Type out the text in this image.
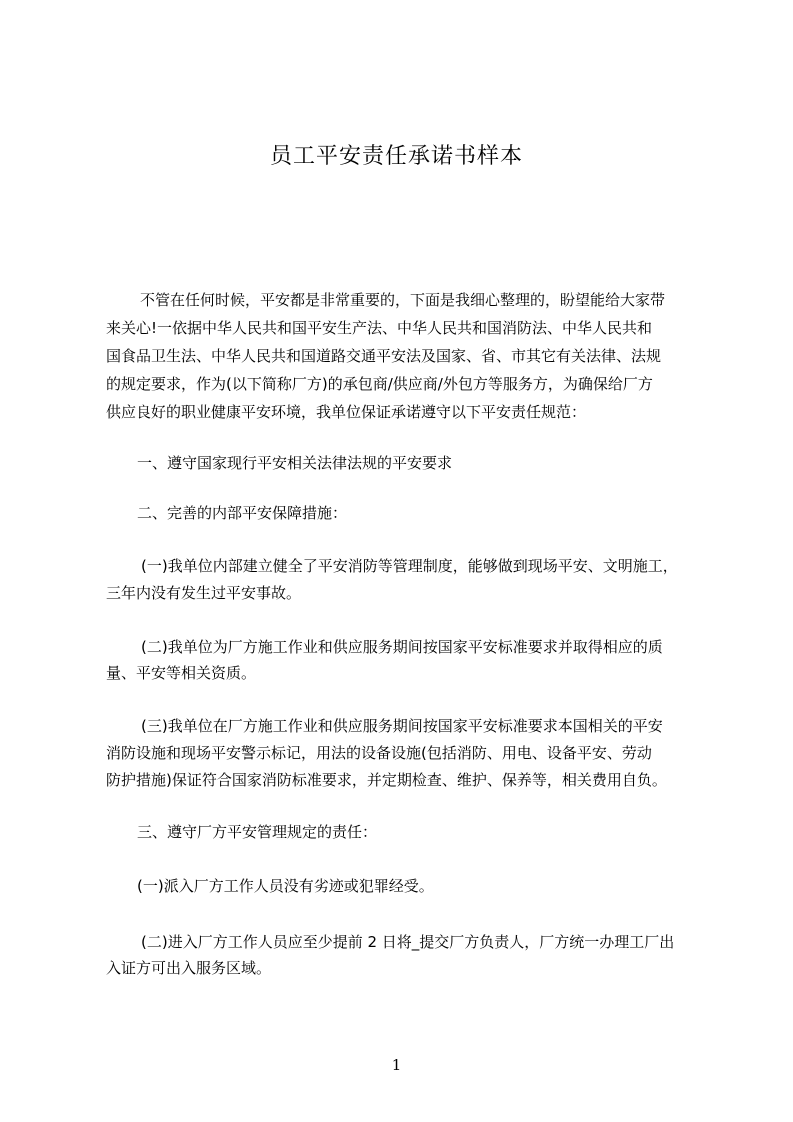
员工平安责任承诺书样本
不管在任何时候，平安都是非常重要的，下面是我细心整理的，盼望能给大家带
来关心!一依据中华人民共和国平安生产法、中华人民共和国消防法、中华人民共和
国食品卫生法、中华人民共和国道路交通平安法及国家、省、市其它有关法律、法规
的规定要求，作为(以下简称厂方)的承包商/供应商/外包方等服务方，为确保给厂方
供应良好的职业健康平安环境，我单位保证承诺遵守以下平安责任规范：
一、遵守国家现行平安相关法律法规的平安要求
二、完善的内部平安保障措施：
(一)我单位内部建立健全了平安消防等管理制度，能够做到现场平安、文明施工，
三年内没有发生过平安事故。
(二)我单位为厂方施工作业和供应服务期间按国家平安标准要求并取得相应的质
量、平安等相关资质。
(三)我单位在厂方施工作业和供应服务期间按国家平安标准要求本国相关的平安
消防设施和现场平安警示标记，用法的设备设施(包括消防、用电、设备平安、劳动
防护措施)保证符合国家消防标准要求，并定期检查、维护、保养等，相关费用自负。
三、遵守厂方平安管理规定的责任：
(一)派入厂方工作人员没有劣迹或犯罪经受。
(二)进入厂方工作人员应至少提前 2 日将_提交厂方负责人，厂方统一办理工厂出
入证方可出入服务区域。
1
